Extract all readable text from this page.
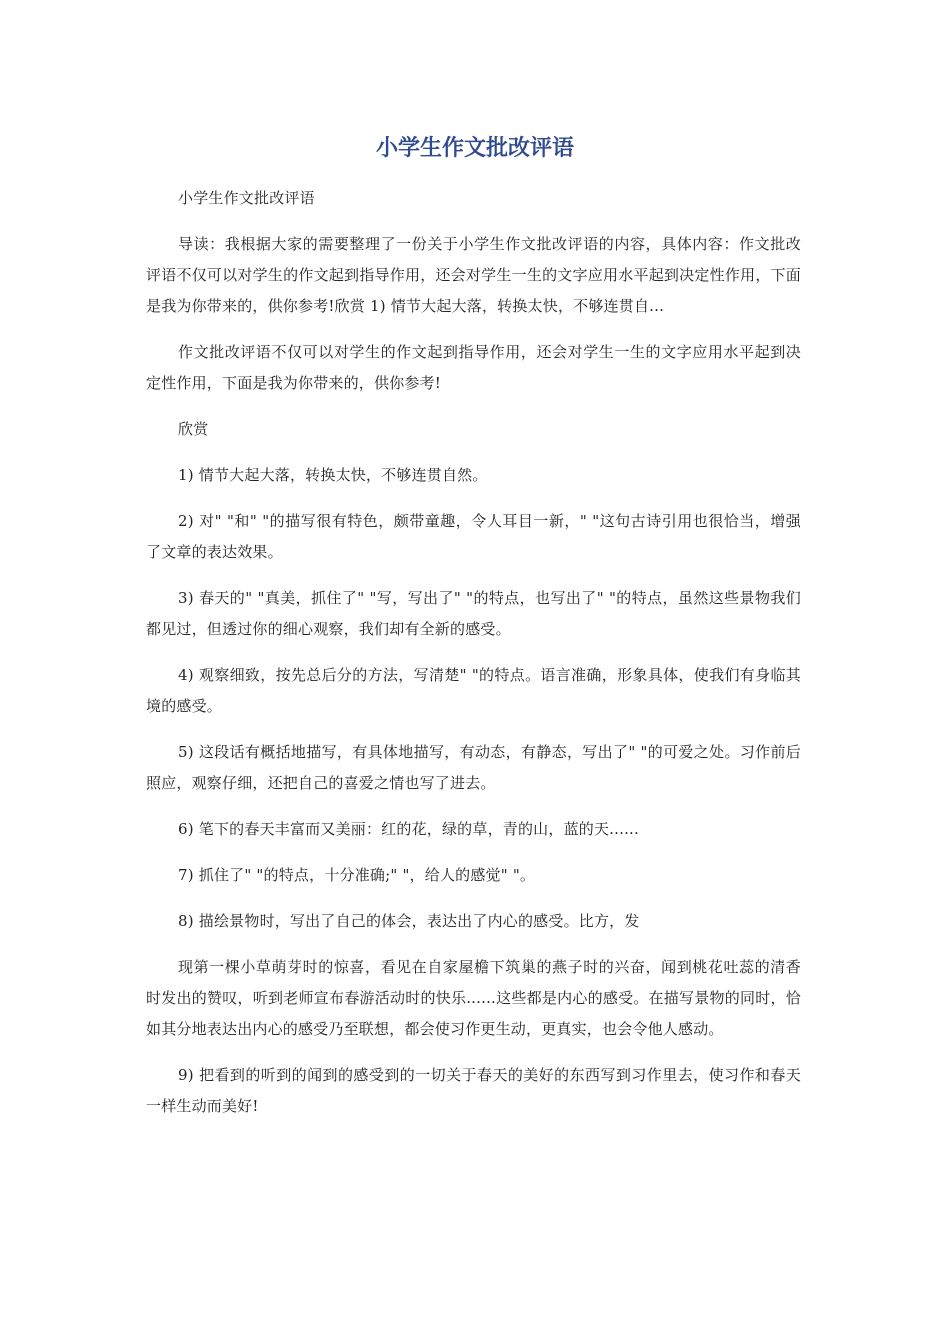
小学生作文批改评语

小学生作文批改评语

导读：我根据大家的需要整理了一份关于小学生作文批改评语的内容，具体内容：作文批改评语不仅可以对学生的作文起到指导作用，还会对学生一生的文字应用水平起到决定性作用，下面是我为你带来的，供你参考!欣赏 1) 情节大起大落，转换太快，不够连贯自...

作文批改评语不仅可以对学生的作文起到指导作用，还会对学生一生的文字应用水平起到决定性作用，下面是我为你带来的，供你参考!

欣赏

1) 情节大起大落，转换太快，不够连贯自然。

2) 对" "和" "的描写很有特色，颇带童趣，令人耳目一新，" "这句古诗引用也很恰当，增强了文章的表达效果。

3) 春天的" "真美，抓住了" "写，写出了" "的特点，也写出了" "的特点，虽然这些景物我们都见过，但透过你的细心观察，我们却有全新的感受。

4) 观察细致，按先总后分的方法，写清楚" "的特点。语言准确，形象具体，使我们有身临其境的感受。

5) 这段话有概括地描写，有具体地描写，有动态，有静态，写出了" "的可爱之处。习作前后照应，观察仔细，还把自己的喜爱之情也写了进去。

6) 笔下的春天丰富而又美丽：红的花，绿的草，青的山，蓝的天......

7) 抓住了" "的特点，十分准确;" "，给人的感觉" "。

8) 描绘景物时，写出了自己的体会，表达出了内心的感受。比方，发

现第一棵小草萌芽时的惊喜，看见在自家屋檐下筑巢的燕子时的兴奋，闻到桃花吐蕊的清香时发出的赞叹，听到老师宣布春游活动时的快乐......这些都是内心的感受。在描写景物的同时，恰如其分地表达出内心的感受乃至联想，都会使习作更生动，更真实，也会令他人感动。

9) 把看到的听到的闻到的感受到的一切关于春天的美好的东西写到习作里去，使习作和春天一样生动而美好!
